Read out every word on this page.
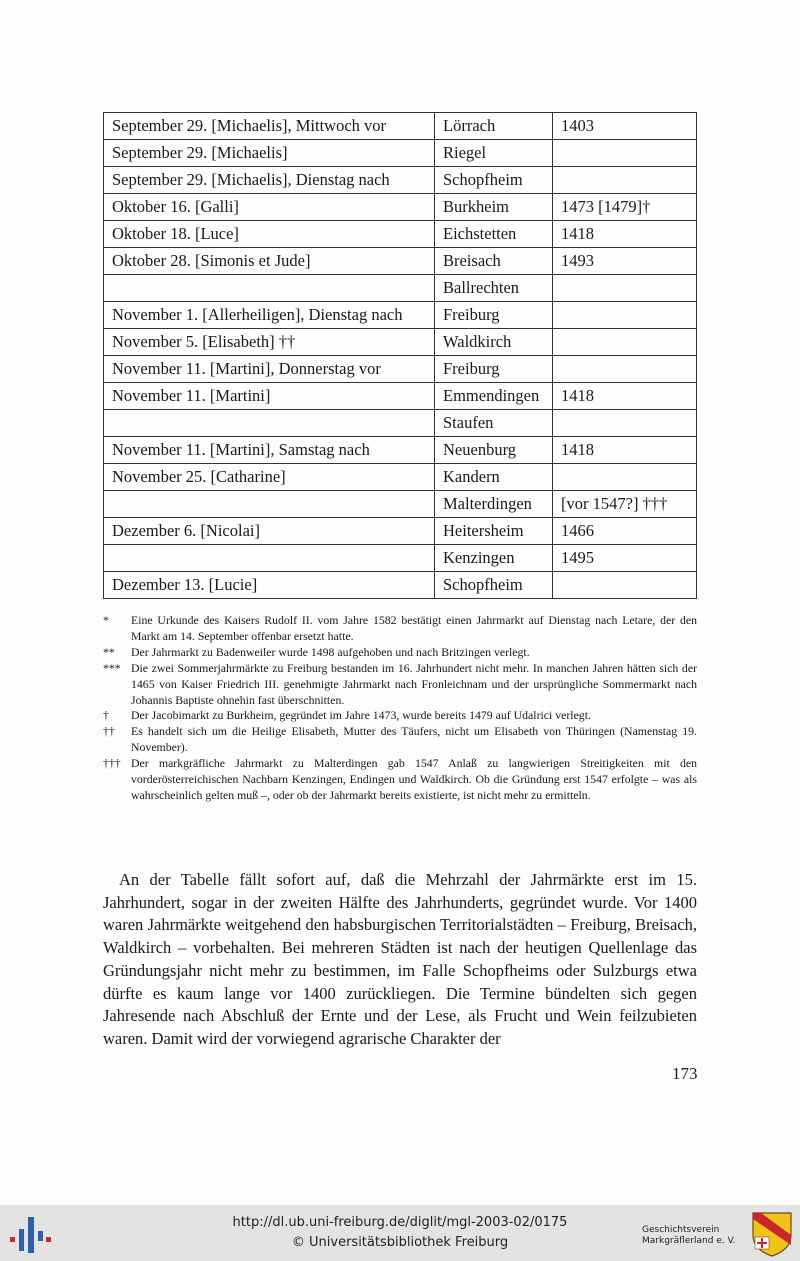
September 29. [Michaelis], Mittwoch vor	Lörrach	1403
September 29. [Michaelis]	Riegel	
September 29. [Michaelis], Dienstag nach	Schopfheim	
Oktober 16. [Galli]	Burkheim	1473 [1479]†
Oktober 18. [Luce]	Eichstetten	1418
Oktober 28. [Simonis et Jude]	Breisach	1493
	Ballrechten	
November 1. [Allerheiligen], Dienstag nach	Freiburg	
November 5. [Elisabeth] ††	Waldkirch	
November 11. [Martini], Donnerstag vor	Freiburg	
November 11. [Martini]	Emmendingen	1418
	Staufen	
November 11. [Martini], Samstag nach	Neuenburg	1418
November 25. [Catharine]	Kandern	
	Malterdingen	[vor 1547?] †††
Dezember 6. [Nicolai]	Heitersheim	1466
	Kenzingen	1495
Dezember 13. [Lucie]	Schopfheim	
*	Eine Urkunde des Kaisers Rudolf II. vom Jahre 1582 bestätigt einen Jahrmarkt auf Dienstag nach Letare, der den Markt am 14. September offenbar ersetzt hatte.
**	Der Jahrmarkt zu Badenweiler wurde 1498 aufgehoben und nach Britzingen verlegt.
*** Die zwei Sommerjahrmärkte zu Freiburg bestanden im 16. Jahrhundert nicht mehr. In manchen Jahren hätten sich der 1465 von Kaiser Friedrich III. genehmigte Jahrmarkt nach Fronleichnam und der ursprüngliche Sommermarkt nach Johannis Baptiste ohnehin fast überschnitten.
†	Der Jacobimarkt zu Burkheim, gegründet im Jahre 1473, wurde bereits 1479 auf Udalrici verlegt.
††	Es handelt sich um die Heilige Elisabeth, Mutter des Täufers, nicht um Elisabeth von Thüringen (Namenstag 19. November).
††† Der markgräfliche Jahrmarkt zu Malterdingen gab 1547 Anlaß zu langwierigen Streitigkeiten mit den vorderösterreichischen Nachbarn Kenzingen, Endingen und Waldkirch. Ob die Gründung erst 1547 erfolgte – was als wahrscheinlich gelten muß –, oder ob der Jahrmarkt bereits existierte, ist nicht mehr zu ermitteln.

An der Tabelle fällt sofort auf, daß die Mehrzahl der Jahrmärkte erst im 15. Jahrhundert, sogar in der zweiten Hälfte des Jahrhunderts, gegründet wurde. Vor 1400 waren Jahrmärkte weitgehend den habsburgischen Territorialstädten – Freiburg, Breisach, Waldkirch – vorbehalten. Bei mehreren Städten ist nach der heutigen Quellenlage das Gründungsjahr nicht mehr zu bestimmen, im Falle Schopfheims oder Sulzburgs etwa dürfte es kaum lange vor 1400 zurückliegen. Die Termine bündelten sich gegen Jahresende nach Abschluß der Ernte und der Lese, als Frucht und Wein feilzubieten waren. Damit wird der vorwiegend agrarische Charakter der

173
http://dl.ub.uni-freiburg.de/diglit/mgl-2003-02/0175
© Universitätsbibliothek Freiburg
Geschichtsverein
Markgräflerland e. V.
